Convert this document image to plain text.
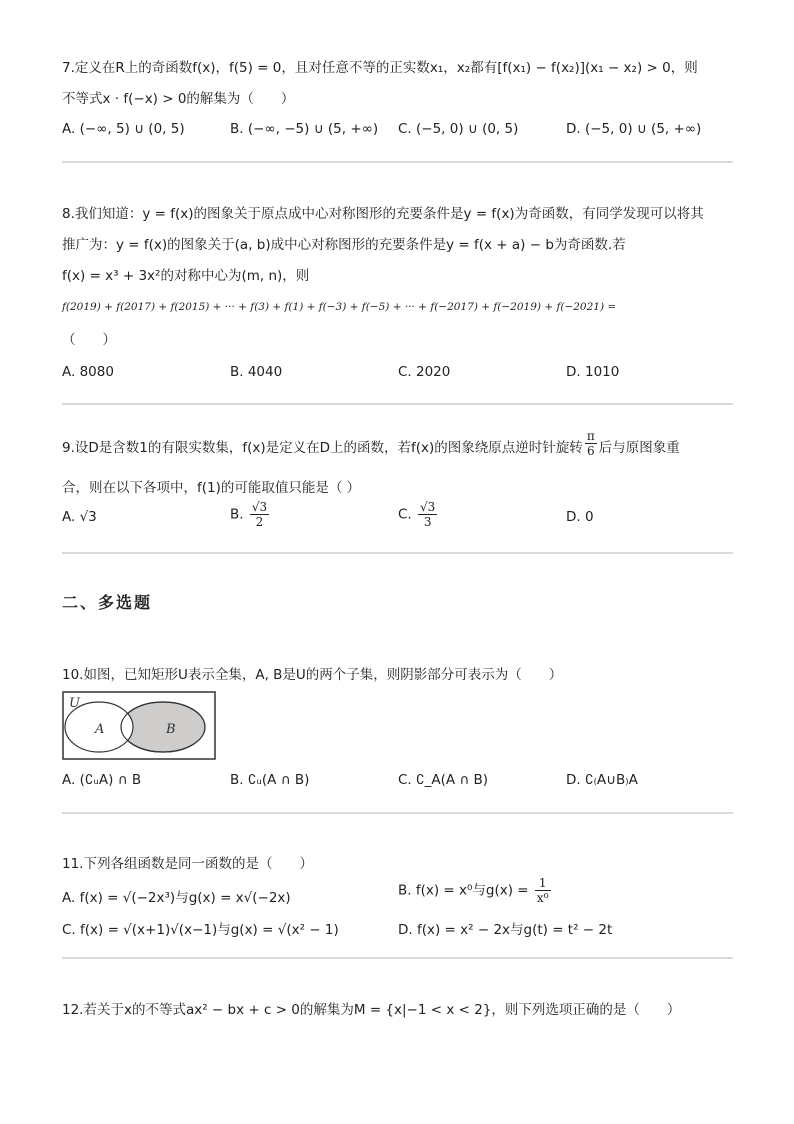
7.定义在R上的奇函数f(x)，f(5) = 0，且对任意不等的正实数x₁，x₂都有[f(x₁) − f(x₂)](x₁ − x₂) > 0，则
不等式x · f(−x) > 0的解集为（　　）
A. (−∞, 5) ∪ (0, 5)	B. (−∞, −5) ∪ (5, +∞) C. (−5, 0) ∪ (0, 5)	D. (−5, 0) ∪ (5, +∞)
8.我们知道：y = f(x)的图象关于原点成中心对称图形的充要条件是y = f(x)为奇函数，有同学发现可以将其
推广为：y = f(x)的图象关于(a, b)成中心对称图形的充要条件是y = f(x + a) − b为奇函数.若
f(x) = x³ + 3x²的对称中心为(m, n)，则
f(2019) + f(2017) + f(2015) + ··· + f(3) + f(1) + f(−3) + f(−5) + ··· + f(−2017) + f(−2019) + f(−2021) =
（　　）
A. 8080	B. 4040	C. 2020	D. 1010
9.设D是含数1的有限实数集，f(x)是定义在D上的函数，若f(x)的图象绕原点逆时针旋转 $\frac{\pi}{6}$ 后与原图象重
合，则在以下各项中，f(1)的可能取值只能是（ ）
A. √3	B. $\frac{√3}{2}$	C. $\frac{√3}{3}$	D. 0
二、多选题
10.如图，已知矩形U表示全集，A, B是U的两个子集，则阴影部分可表示为（　　）
U
A	B
A. (∁ᵤA) ∩ B	B. ∁ᵤ(A ∩ B)	C. ∁_A(A ∩ B)	D. ∁₍A∪B₎A
11.下列各组函数是同一函数的是（　　）
A. f(x) = √(−2x³)与g(x) = x√(−2x)	B. f(x) = x⁰与$g(x) = \frac{1}{\text{x⁰}}$
C. f(x) = √(x+1)√(x−1)与g(x) = √(x² − 1)	D. f(x) = x² − 2x与g(t) = t² − 2t
12.若关于x的不等式ax² − bx + c > 0的解集为M = {x|−1 < x < 2}，则下列选项正确的是（　　）
